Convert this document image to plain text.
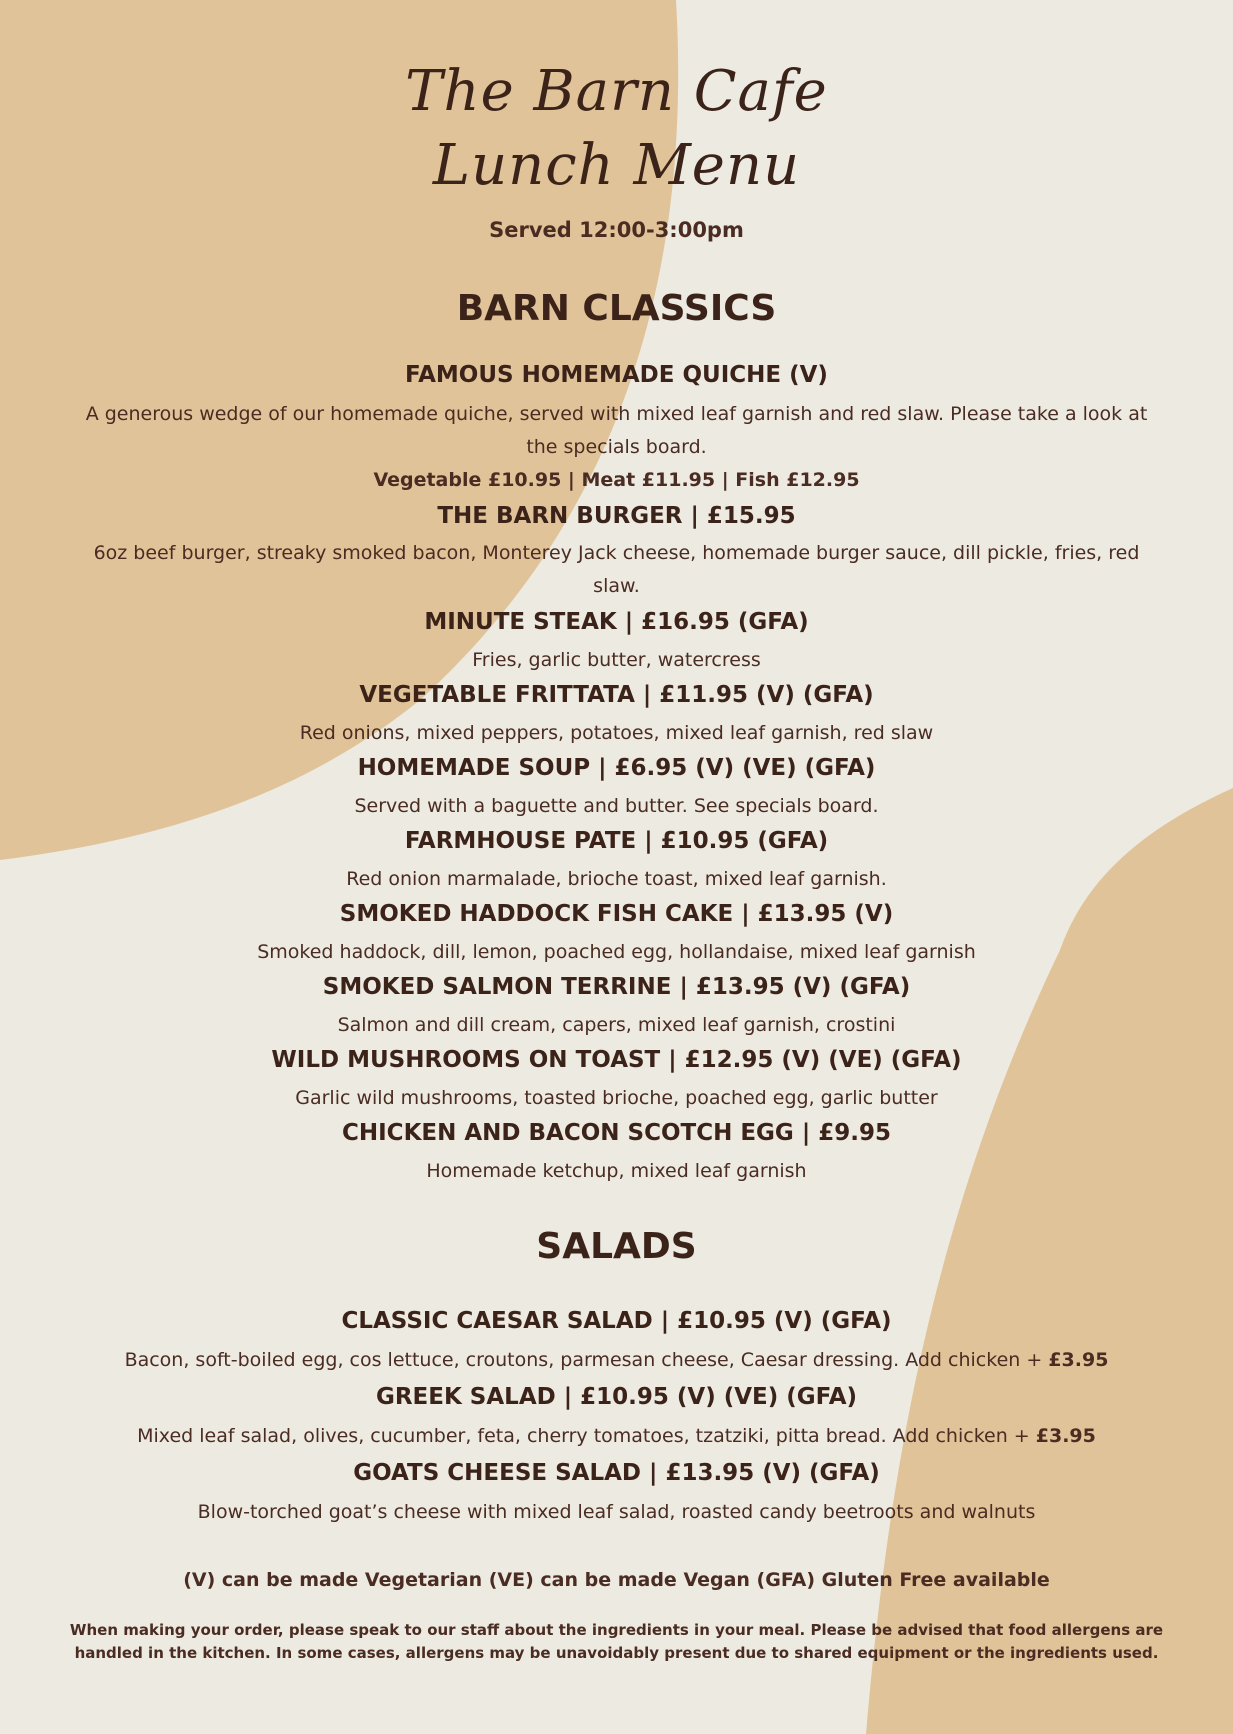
The Barn Cafe
Lunch Menu
Served 12:00-3:00pm
BARN CLASSICS
FAMOUS HOMEMADE QUICHE (V)
A generous wedge of our homemade quiche, served with mixed leaf garnish and red slaw. Please take a look at the specials board.
Vegetable £10.95 | Meat £11.95 | Fish £12.95
THE BARN BURGER | £15.95
6oz beef burger, streaky smoked bacon, Monterey Jack cheese, homemade burger sauce, dill pickle, fries, red slaw.
MINUTE STEAK | £16.95 (GFA)
Fries, garlic butter, watercress
VEGETABLE FRITTATA | £11.95 (V) (GFA)
Red onions, mixed peppers, potatoes, mixed leaf garnish, red slaw
HOMEMADE SOUP | £6.95 (V) (VE) (GFA)
Served with a baguette and butter. See specials board.
FARMHOUSE PATE | £10.95 (GFA)
Red onion marmalade, brioche toast, mixed leaf garnish.
SMOKED HADDOCK FISH CAKE | £13.95 (V)
Smoked haddock, dill, lemon, poached egg, hollandaise, mixed leaf garnish
SMOKED SALMON TERRINE | £13.95 (V) (GFA)
Salmon and dill cream, capers, mixed leaf garnish, crostini
WILD MUSHROOMS ON TOAST | £12.95 (V) (VE) (GFA)
Garlic wild mushrooms, toasted brioche, poached egg, garlic butter
CHICKEN AND BACON SCOTCH EGG | £9.95
Homemade ketchup, mixed leaf garnish
SALADS
CLASSIC CAESAR SALAD | £10.95 (V) (GFA)
Bacon, soft-boiled egg, cos lettuce, croutons, parmesan cheese, Caesar dressing. Add chicken + £3.95
GREEK SALAD | £10.95 (V) (VE) (GFA)
Mixed leaf salad, olives, cucumber, feta, cherry tomatoes, tzatziki, pitta bread. Add chicken + £3.95
GOATS CHEESE SALAD | £13.95 (V) (GFA)
Blow-torched goat’s cheese with mixed leaf salad, roasted candy beetroots and walnuts
(V) can be made Vegetarian (VE) can be made Vegan (GFA) Gluten Free available
When making your order, please speak to our staff about the ingredients in your meal. Please be advised that food allergens are handled in the kitchen. In some cases, allergens may be unavoidably present due to shared equipment or the ingredients used.
